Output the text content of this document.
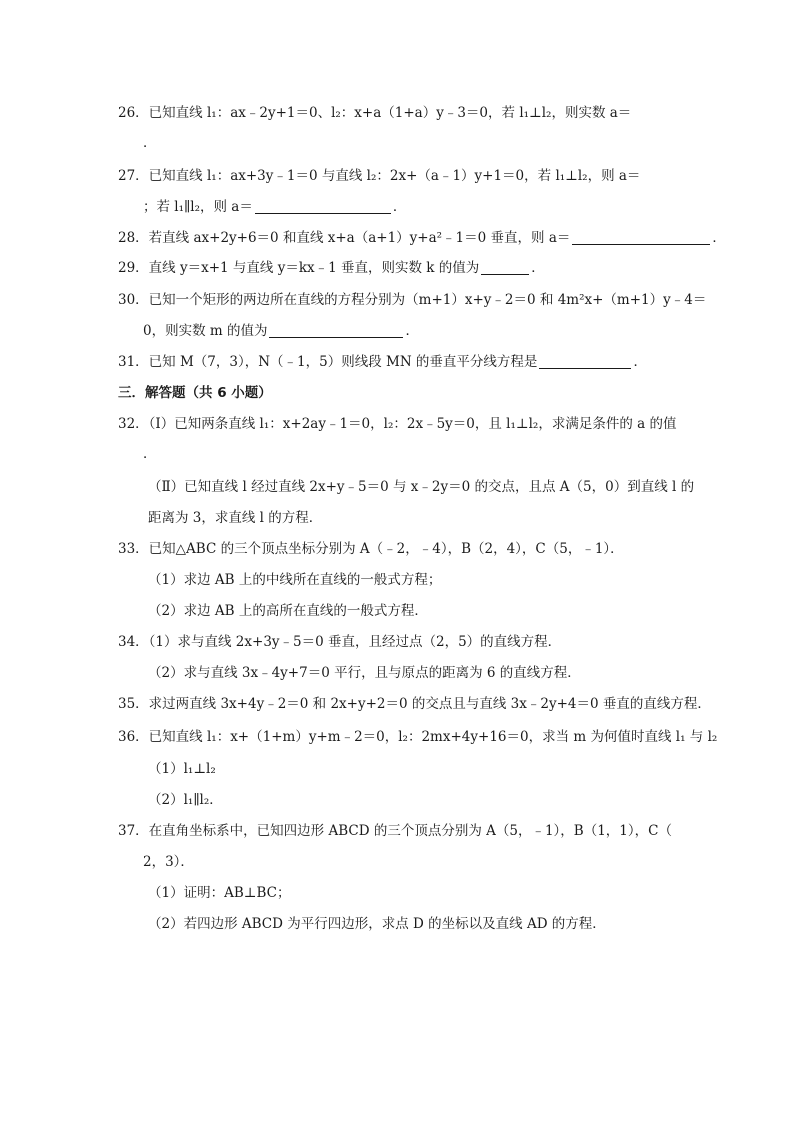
26．已知直线 l₁：ax﹣2y+1＝0、l₂：x+a（1+a）y﹣3＝0，若 l₁⊥l₂，则实数 a＝
．
27．已知直线 l₁：ax+3y﹣1＝0 与直线 l₂：2x+（a﹣1）y+1＝0，若 l₁⊥l₂，则 a＝
；若 l₁∥l₂，则 a＝	．
28．若直线 ax+2y+6＝0 和直线 x+a（a+1）y+a²﹣1＝0 垂直，则 a＝	．
29．直线 y＝x+1 与直线 y＝kx﹣1 垂直，则实数 k 的值为	．
30．已知一个矩形的两边所在直线的方程分别为（m+1）x+y﹣2＝0 和 4m²x+（m+1）y﹣4＝
0，则实数 m 的值为	．
31．已知 M（7，3），N（﹣1，5）则线段 MN 的垂直平分线方程是	．
三．解答题（共 6 小题）
32．（Ⅰ）已知两条直线 l₁：x+2ay﹣1＝0，l₂：2x﹣5y＝0，且 l₁⊥l₂，求满足条件的 a 的值
．
（Ⅱ）已知直线 l 经过直线 2x+y﹣5＝0 与 x﹣2y＝0 的交点，且点 A（5，0）到直线 l 的
距离为 3，求直线 l 的方程．
33．已知△ABC 的三个顶点坐标分别为 A（﹣2，﹣4），B（2，4），C（5，﹣1）．
（1）求边 AB 上的中线所在直线的一般式方程；
（2）求边 AB 上的高所在直线的一般式方程．
34．（1）求与直线 2x+3y﹣5＝0 垂直，且经过点（2，5）的直线方程．
（2）求与直线 3x﹣4y+7＝0 平行，且与原点的距离为 6 的直线方程．
35．求过两直线 3x+4y﹣2＝0 和 2x+y+2＝0 的交点且与直线 3x﹣2y+4＝0 垂直的直线方程．
36．已知直线 l₁：x+（1+m）y+m﹣2＝0，l₂：2mx+4y+16＝0，求当 m 为何值时直线 l₁ 与 l₂
（1）l₁⊥l₂
（2）l₁∥l₂．
37．在直角坐标系中，已知四边形 ABCD 的三个顶点分别为 A（5，﹣1），B（1，1），C（
2，3）．
（1）证明：AB⊥BC；
（2）若四边形 ABCD 为平行四边形，求点 D 的坐标以及直线 AD 的方程．
